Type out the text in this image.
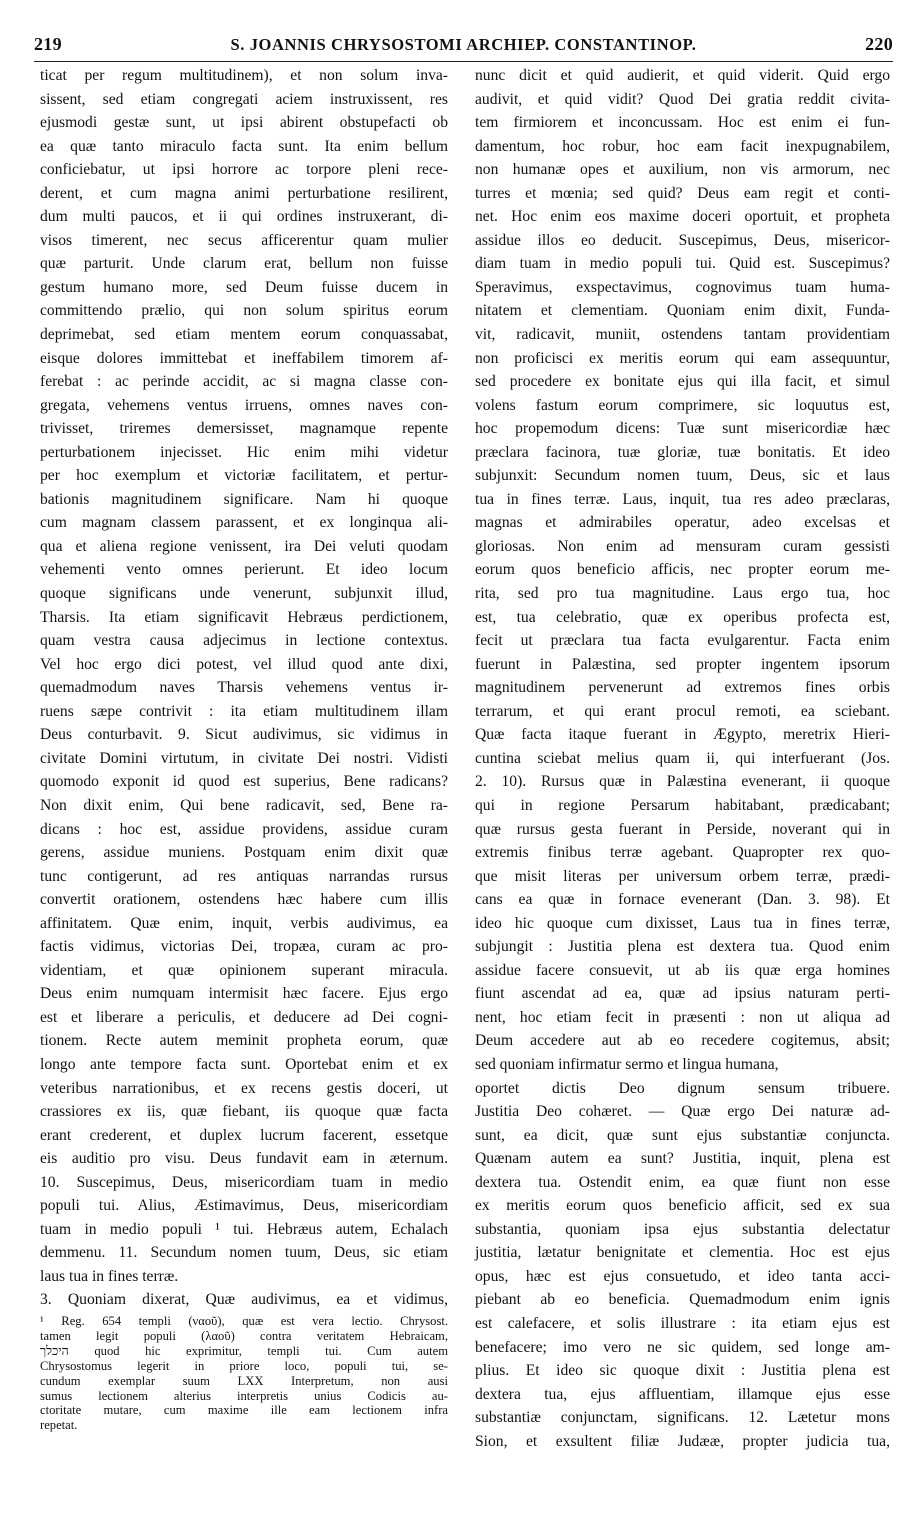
219	S. JOANNIS CHRYSOSTOMI ARCHIEP. CONSTANTINOP.	220
ticat per regum multitudinem), et non solum inva-
sissent, sed etiam congregati aciem instruxissent, res
ejusmodi gestæ sunt, ut ipsi abirent obstupefacti ob
ea quæ tanto miraculo facta sunt. Ita enim bellum
conficiebatur, ut ipsi horrore ac torpore pleni rece-
derent, et cum magna animi perturbatione resilirent,
dum multi paucos, et ii qui ordines instruxerant, di-
visos timerent, nec secus afficerentur quam mulier
quæ parturit. Unde clarum erat, bellum non fuisse
gestum humano more, sed Deum fuisse ducem in
committendo prælio, qui non solum spiritus eorum
deprimebat, sed etiam mentem eorum conquassabat,
eisque dolores immittebat et ineffabilem timorem af-
ferebat : ac perinde accidit, ac si magna classe con-
gregata, vehemens ventus irruens, omnes naves con-
trivisset, triremes demersisset, magnamque repente
perturbationem injecisset. Hic enim mihi videtur
per hoc exemplum et victoriæ facilitatem, et pertur-
bationis magnitudinem significare. Nam hi quoque
cum magnam classem parassent, et ex longinqua ali-
qua et aliena regione venissent, ira Dei veluti quodam
vehementi vento omnes perierunt. Et ideo locum
quoque significans unde venerunt, subjunxit illud,
Tharsis. Ita etiam significavit Hebræus perdictionem,
quam vestra causa adjecimus in lectione contextus.
Vel hoc ergo dici potest, vel illud quod ante dixi,
quemadmodum naves Tharsis vehemens ventus ir-
ruens sæpe contrivit : ita etiam multitudinem illam
Deus conturbavit. 9. Sicut audivimus, sic vidimus in
civitate Domini virtutum, in civitate Dei nostri. Vidisti
quomodo exponit id quod est superius, Bene radicans?
Non dixit enim, Qui bene radicavit, sed, Bene ra-
dicans : hoc est, assidue providens, assidue curam
gerens, assidue muniens. Postquam enim dixit quæ
tunc contigerunt, ad res antiquas narrandas rursus
convertit orationem, ostendens hæc habere cum illis
affinitatem. Quæ enim, inquit, verbis audivimus, ea
factis vidimus, victorias Dei, tropæa, curam ac pro-
videntiam, et quæ opinionem superant miracula.
Deus enim numquam intermisit hæc facere. Ejus ergo
est et liberare a periculis, et deducere ad Dei cogni-
tionem. Recte autem meminit propheta eorum, quæ
longo ante tempore facta sunt. Oportebat enim et ex
veteribus narrationibus, et ex recens gestis doceri, ut
crassiores ex iis, quæ fiebant, iis quoque quæ facta
erant crederent, et duplex lucrum facerent, essetque
eis auditio pro visu. Deus fundavit eam in æternum.
10. Suscepimus, Deus, misericordiam tuam in medio
populi tui. Alius, Æstimavimus, Deus, misericordiam
tuam in medio populi ¹ tui. Hebræus autem, Echalach
demmenu. 11. Secundum nomen tuum, Deus, sic etiam
laus tua in fines terræ.
3. Quoniam dixerat, Quæ audivimus, ea et vidimus,
¹ Reg. 654 templi (ναοῦ), quæ est vera lectio. Chrysost.
tamen legit populi (λαοῦ) contra veritatem Hebraicam,
היכלך quod hic exprimitur, templi tui. Cum autem
Chrysostomus legerit in priore loco, populi tui, se-
cundum exemplar suum LXX Interpretum, non ausi
sumus lectionem alterius interpretis unius Codicis au-
ctoritate mutare, cum maxime ille eam lectionem infra
repetat.
nunc dicit et quid audierit, et quid viderit. Quid ergo
audivit, et quid vidit? Quod Dei gratia reddit civita-
tem firmiorem et inconcussam. Hoc est enim ei fun-
damentum, hoc robur, hoc eam facit inexpugnabilem,
non humanæ opes et auxilium, non vis armorum, nec
turres et mœnia; sed quid? Deus eam regit et conti-
net. Hoc enim eos maxime doceri oportuit, et propheta
assidue illos eo deducit. Suscepimus, Deus, misericor-
diam tuam in medio populi tui. Quid est. Suscepimus?
Speravimus, exspectavimus, cognovimus tuam huma-
nitatem et clementiam. Quoniam enim dixit, Funda-
vit, radicavit, muniit, ostendens tantam providentiam
non proficisci ex meritis eorum qui eam assequuntur,
sed procedere ex bonitate ejus qui illa facit, et simul
volens fastum eorum comprimere, sic loquutus est,
hoc propemodum dicens: Tuæ sunt misericordiæ hæc
præclara facinora, tuæ gloriæ, tuæ bonitatis. Et ideo
subjunxit: Secundum nomen tuum, Deus, sic et laus
tua in fines terræ. Laus, inquit, tua res adeo præclaras,
magnas et admirabiles operatur, adeo excelsas et
gloriosas. Non enim ad mensuram curam gessisti
eorum quos beneficio afficis, nec propter eorum me-
rita, sed pro tua magnitudine. Laus ergo tua, hoc
est, tua celebratio, quæ ex operibus profecta est,
fecit ut præclara tua facta evulgarentur. Facta enim
fuerunt in Palæstina, sed propter ingentem ipsorum
magnitudinem pervenerunt ad extremos fines orbis
terrarum, et qui erant procul remoti, ea sciebant.
Quæ facta itaque fuerant in Ægypto, meretrix Hieri-
cuntina sciebat melius quam ii, qui interfuerant (Jos.
2. 10). Rursus quæ in Palæstina evenerant, ii quoque
qui in regione Persarum habitabant, prædicabant;
quæ rursus gesta fuerant in Perside, noverant qui in
extremis finibus terræ agebant. Quapropter rex quo-
que misit literas per universum orbem terræ, prædi-
cans ea quæ in fornace evenerant (Dan. 3. 98). Et
ideo hic quoque cum dixisset, Laus tua in fines terræ,
subjungit : Justitia plena est dextera tua. Quod enim
assidue facere consuevit, ut ab iis quæ erga homines
fiunt ascendat ad ea, quæ ad ipsius naturam perti-
nent, hoc etiam fecit in præsenti : non ut aliqua ad
Deum accedere aut ab eo recedere cogitemus, absit;
sed quoniam infirmatur sermo et lingua humana,
oportet dictis Deo dignum sensum tribuere.
Justitia Deo cohæret. — Quæ ergo Dei naturæ ad-
sunt, ea dicit, quæ sunt ejus substantiæ conjuncta.
Quænam autem ea sunt? Justitia, inquit, plena est
dextera tua. Ostendit enim, ea quæ fiunt non esse
ex meritis eorum quos beneficio afficit, sed ex sua
substantia, quoniam ipsa ejus substantia delectatur
justitia, lætatur benignitate et clementia. Hoc est ejus
opus, hæc est ejus consuetudo, et ideo tanta acci-
piebant ab eo beneficia. Quemadmodum enim ignis
est calefacere, et solis illustrare : ita etiam ejus est
benefacere; imo vero ne sic quidem, sed longe am-
plius. Et ideo sic quoque dixit : Justitia plena est
dextera tua, ejus affluentiam, illamque ejus esse
substantiæ conjunctam, significans. 12. Lætetur mons
Sion, et exsultent filiæ Judææ, propter judicia tua,
